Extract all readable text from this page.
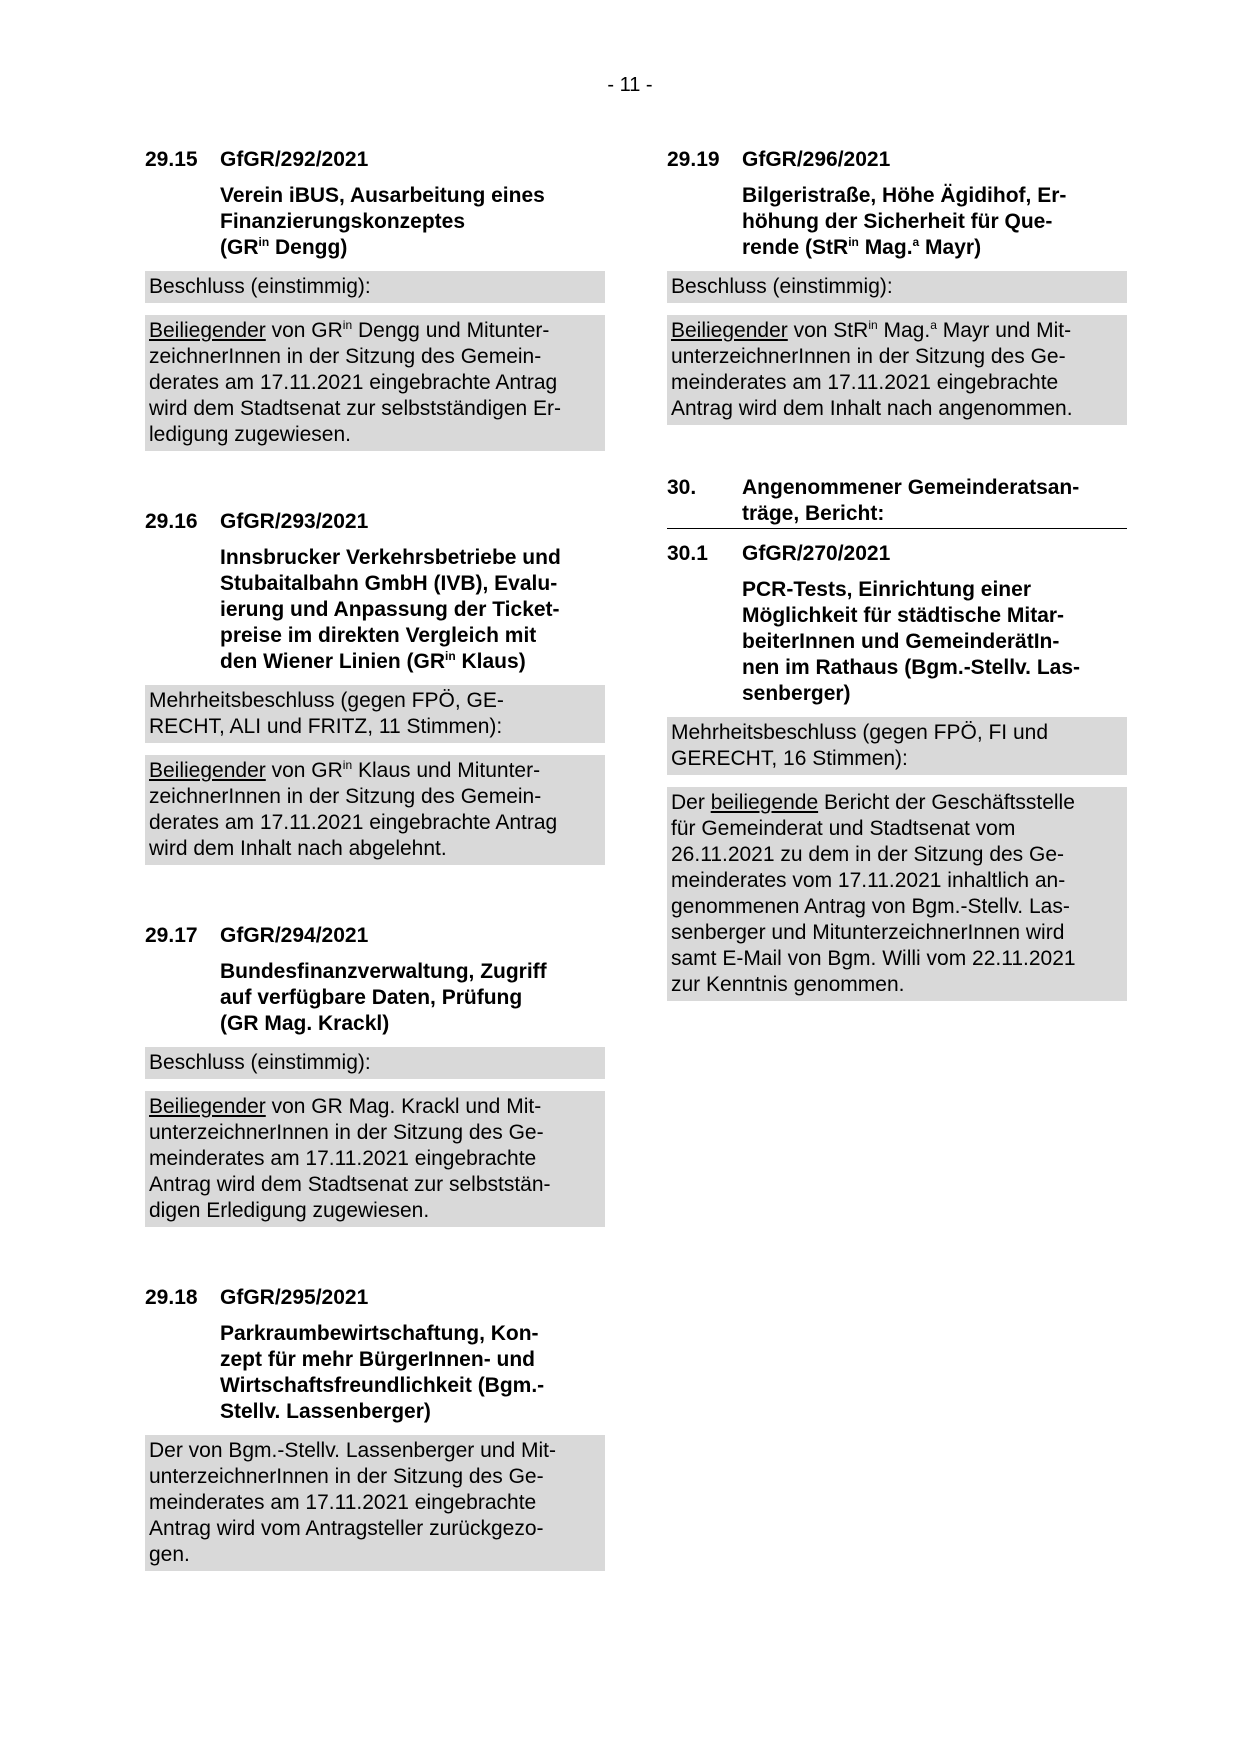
- 11 -
29.15	GfGR/292/2021
Verein iBUS, Ausarbeitung eines
Finanzierungskonzeptes
($GR^{in}$ Dengg)
Beschluss (einstimmig):
Beiliegender von $GR^{in}$ Dengg und Mitunter-
zeichnerInnen in der Sitzung des Gemein-
derates am 17.11.2021 eingebrachte Antrag
wird dem Stadtsenat zur selbstständigen Er-
ledigung zugewiesen.
29.16	GfGR/293/2021
Innsbrucker Verkehrsbetriebe und
Stubaitalbahn GmbH (IVB), Evalu-
ierung und Anpassung der Ticket-
preise im direkten Vergleich mit
den Wiener Linien ($GR^{in}$ Klaus)
Mehrheitsbeschluss (gegen FPÖ, GE-
RECHT, ALI und FRITZ, 11 Stimmen):
Beiliegender von $GR^{in}$ Klaus und Mitunter-
zeichnerInnen in der Sitzung des Gemein-
derates am 17.11.2021 eingebrachte Antrag
wird dem Inhalt nach abgelehnt.
29.17	GfGR/294/2021
Bundesfinanzverwaltung, Zugriff
auf verfügbare Daten, Prüfung
(GR Mag. Krackl)
Beschluss (einstimmig):
Beiliegender von GR Mag. Krackl und Mit-
unterzeichnerInnen in der Sitzung des Ge-
meinderates am 17.11.2021 eingebrachte
Antrag wird dem Stadtsenat zur selbststän-
digen Erledigung zugewiesen.
29.18	GfGR/295/2021
Parkraumbewirtschaftung, Kon-
zept für mehr BürgerInnen- und
Wirtschaftsfreundlichkeit (Bgm.-
Stellv. Lassenberger)
Der von Bgm.-Stellv. Lassenberger und Mit-
unterzeichnerInnen in der Sitzung des Ge-
meinderates am 17.11.2021 eingebrachte
Antrag wird vom Antragsteller zurückgezo-
gen.
29.19	GfGR/296/2021
Bilgeristraße, Höhe Ägidihof, Er-
höhung der Sicherheit für Que-
rende (StR$^{in}$ Mag.$^a$ Mayr)
Beschluss (einstimmig):
Beiliegender von StR$^{in}$ Mag.$^a$ Mayr und Mit-
unterzeichnerInnen in der Sitzung des Ge-
meinderates am 17.11.2021 eingebrachte
Antrag wird dem Inhalt nach angenommen.
30.	Angenommener Gemeinderatsan-
träge, Bericht:
30.1	GfGR/270/2021
PCR-Tests, Einrichtung einer
Möglichkeit für städtische Mitar-
beiterInnen und GemeinderätIn-
nen im Rathaus (Bgm.-Stellv. Las-
senberger)
Mehrheitsbeschluss (gegen FPÖ, FI und
GERECHT, 16 Stimmen):
Der beiliegende Bericht der Geschäftsstelle
für Gemeinderat und Stadtsenat vom
26.11.2021 zu dem in der Sitzung des Ge-
meinderates vom 17.11.2021 inhaltlich an-
genommenen Antrag von Bgm.-Stellv. Las-
senberger und MitunterzeichnerInnen wird
samt E-Mail von Bgm. Willi vom 22.11.2021
zur Kenntnis genommen.
